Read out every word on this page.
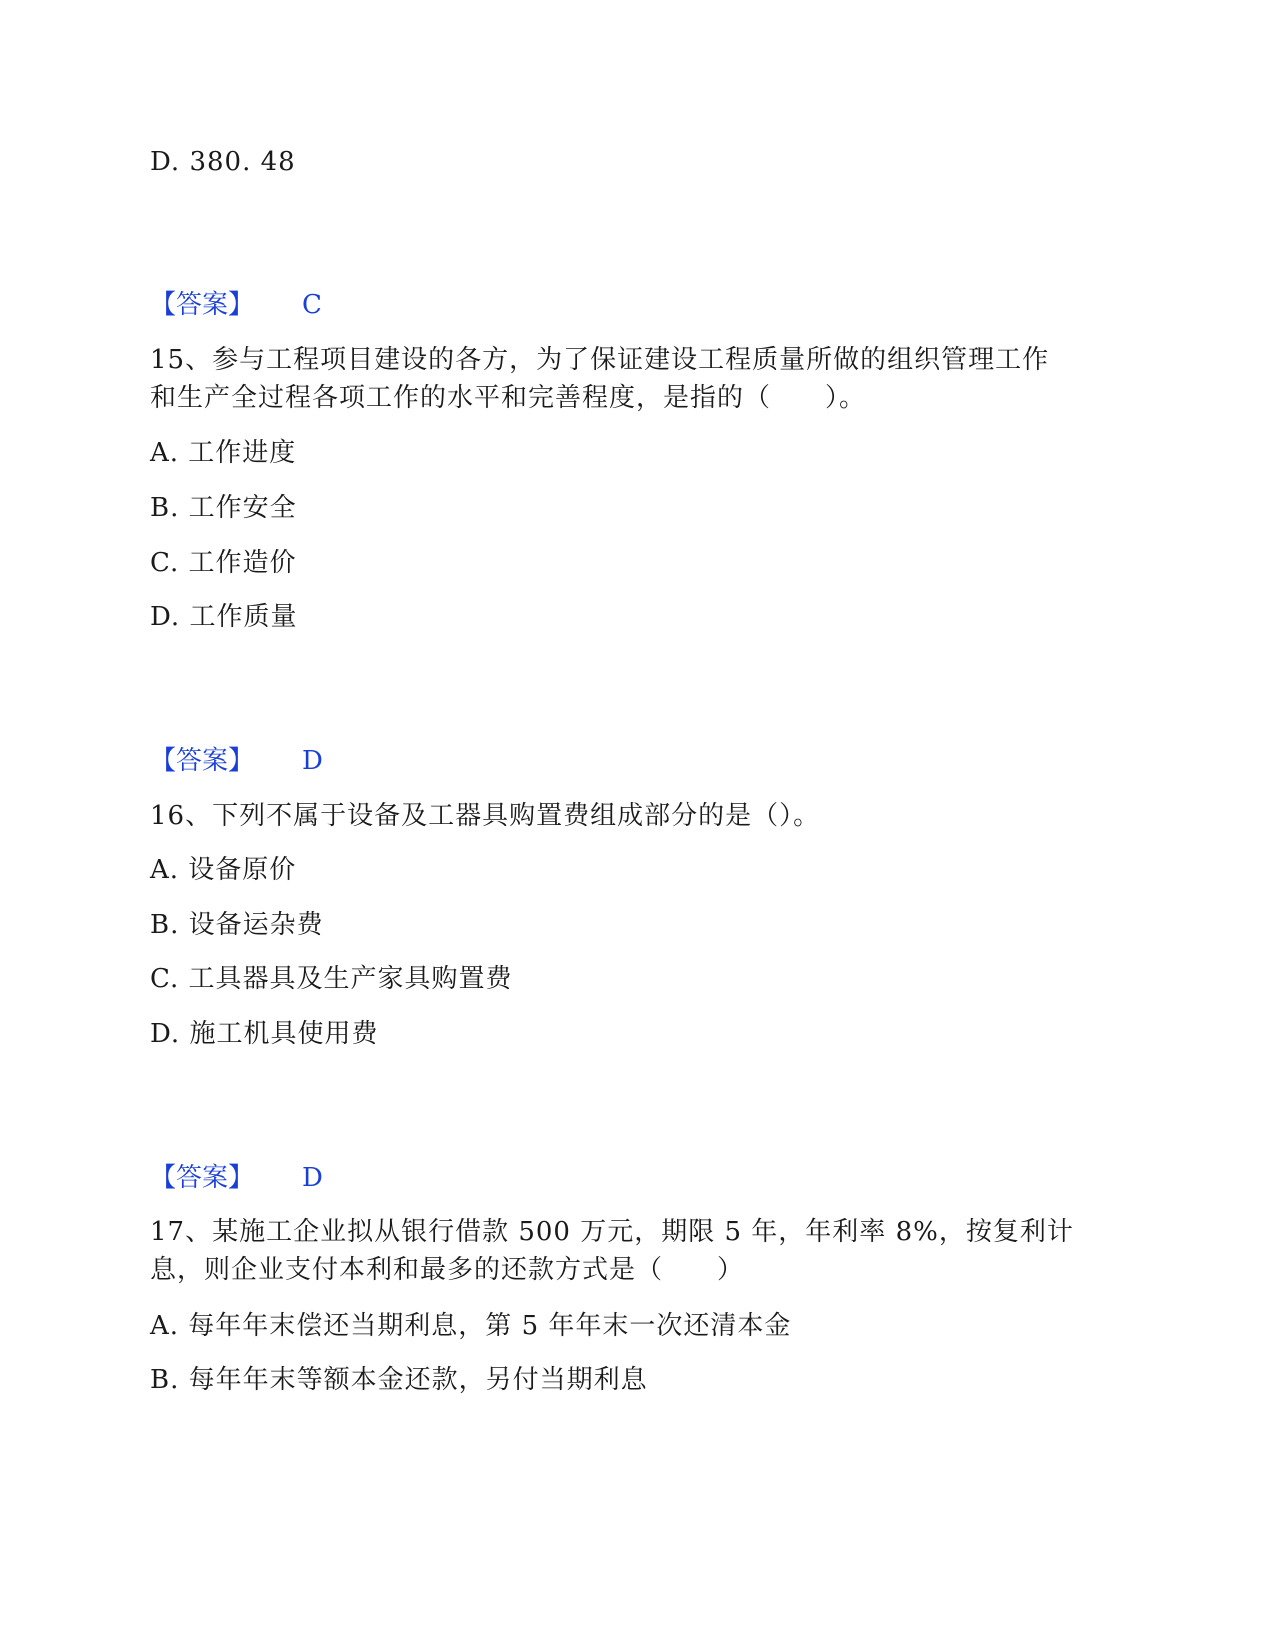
D. 380. 48
【答案】 C
15、参与工程项目建设的各方，为了保证建设工程质量所做的组织管理工作
和生产全过程各项工作的水平和完善程度，是指的（　　）。
A. 工作进度
B. 工作安全
C. 工作造价
D. 工作质量
【答案】 D
16、下列不属于设备及工器具购置费组成部分的是（）。
A. 设备原价
B. 设备运杂费
C. 工具器具及生产家具购置费
D. 施工机具使用费
【答案】 D
17、某施工企业拟从银行借款 500 万元，期限 5 年，年利率 8%，按复利计
息，则企业支付本利和最多的还款方式是（　　）
A. 每年年末偿还当期利息，第 5 年年末一次还清本金
B. 每年年末等额本金还款，另付当期利息
